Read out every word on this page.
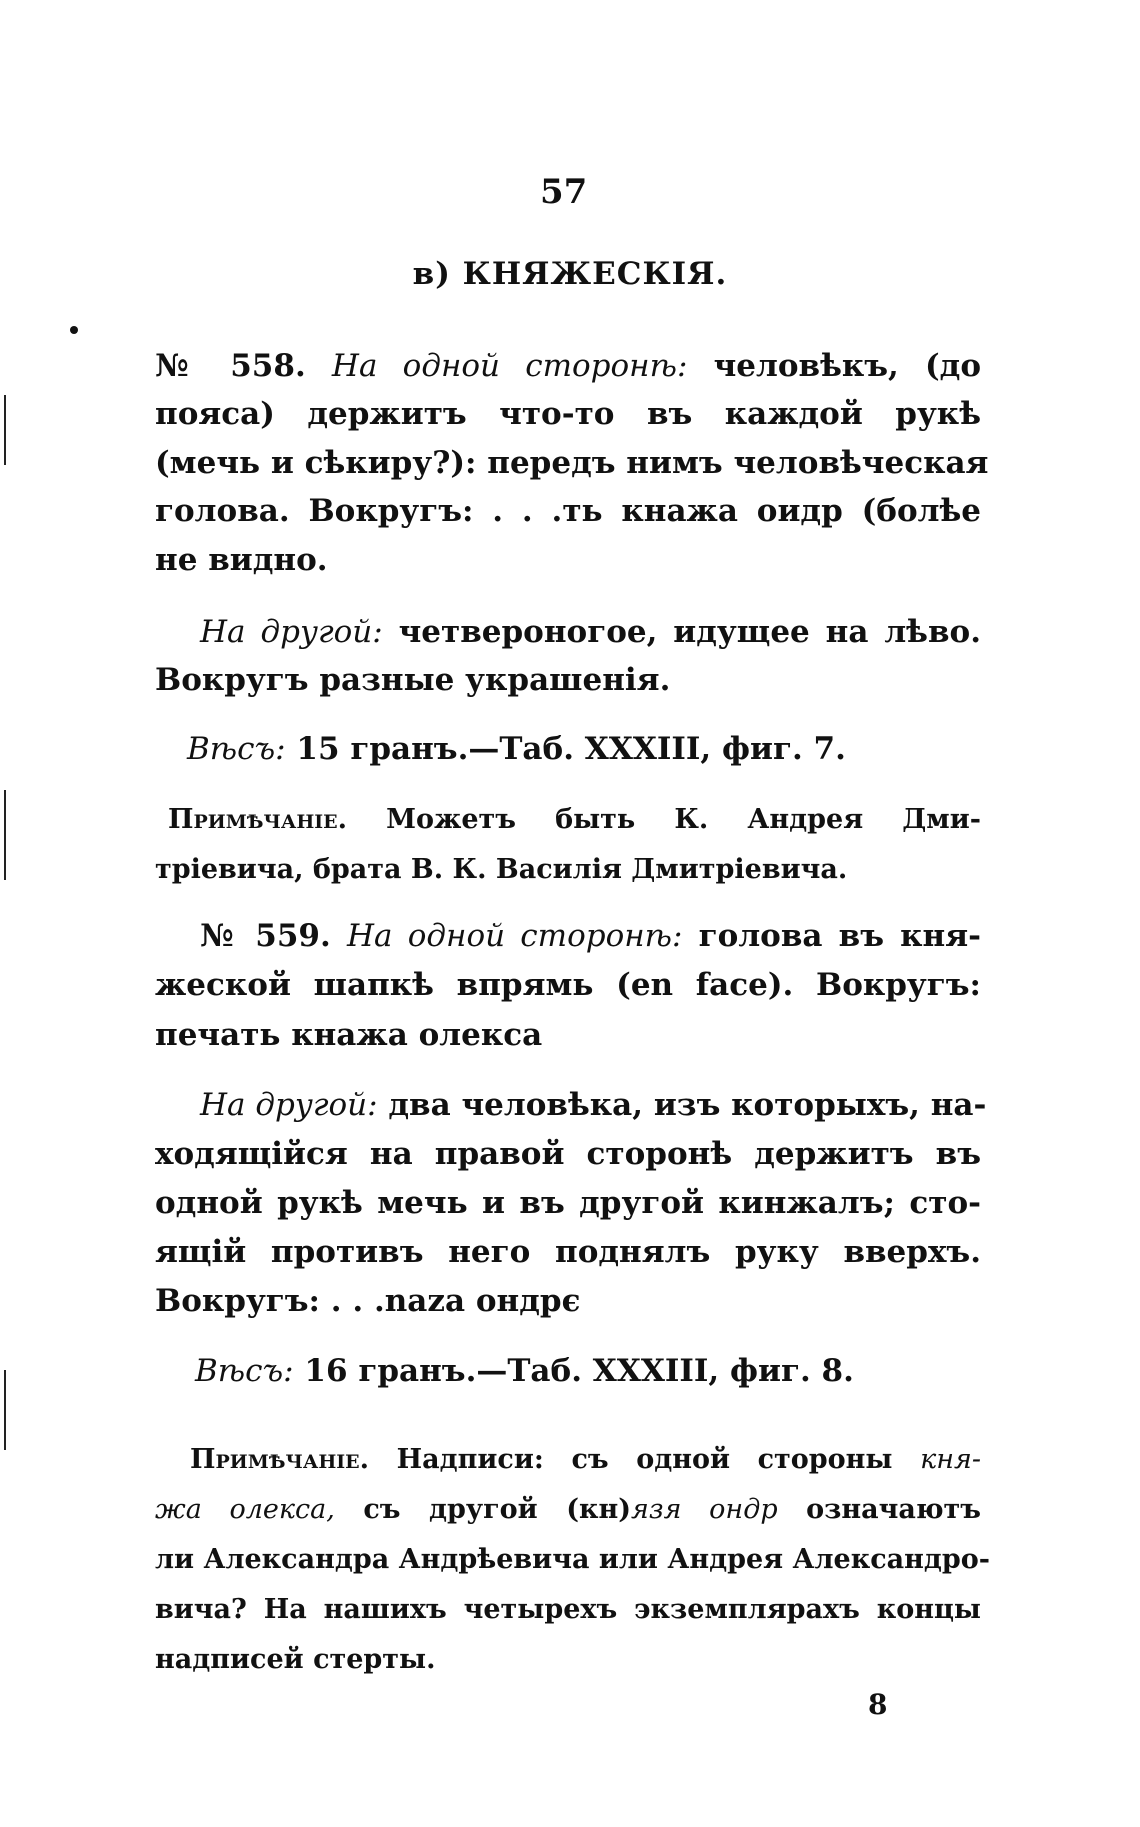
57
в) КНЯЖЕСКІЯ.
№ 558. На одной сторонѣ: человѣкъ, (до
пояса) держитъ что-то въ каждой рукѣ
(мечь и сѣкиру?): передъ нимъ человѣческая
голова. Вокругъ: . . .ть кнажа оидр (болѣе
не видно.
На другой: четвероногое, идущее на лѣво.
Вокругъ разные украшенія.
Вѣсъ: 15 гранъ.—Таб. XXXIII, фиг. 7.
Примѣчаніе. Можетъ быть К. Андрея Дми-
тріевича, брата В. К. Василія Дмитріевича.
№ 559. На одной сторонѣ: голова въ кня-
жеской шапкѣ впрямь (en face). Вокругъ:
печать кнажа олекса
На другой: два человѣка, изъ которыхъ, на-
ходящійся на правой сторонѣ держитъ въ
одной рукѣ мечь и въ другой кинжалъ; сто-
ящій противъ него поднялъ руку вверхъ.
Вокругъ: . . .naza ондрє
Вѣсъ: 16 гранъ.—Таб. XXXIII, фиг. 8.
Примѣчаніе. Надписи: съ одной стороны кня-
жа олекса, съ другой (кн)язя ондр означаютъ
ли Александра Андрѣевича или Андрея Александро-
вича? На нашихъ четырехъ экземплярахъ концы
надписей стерты.
8
